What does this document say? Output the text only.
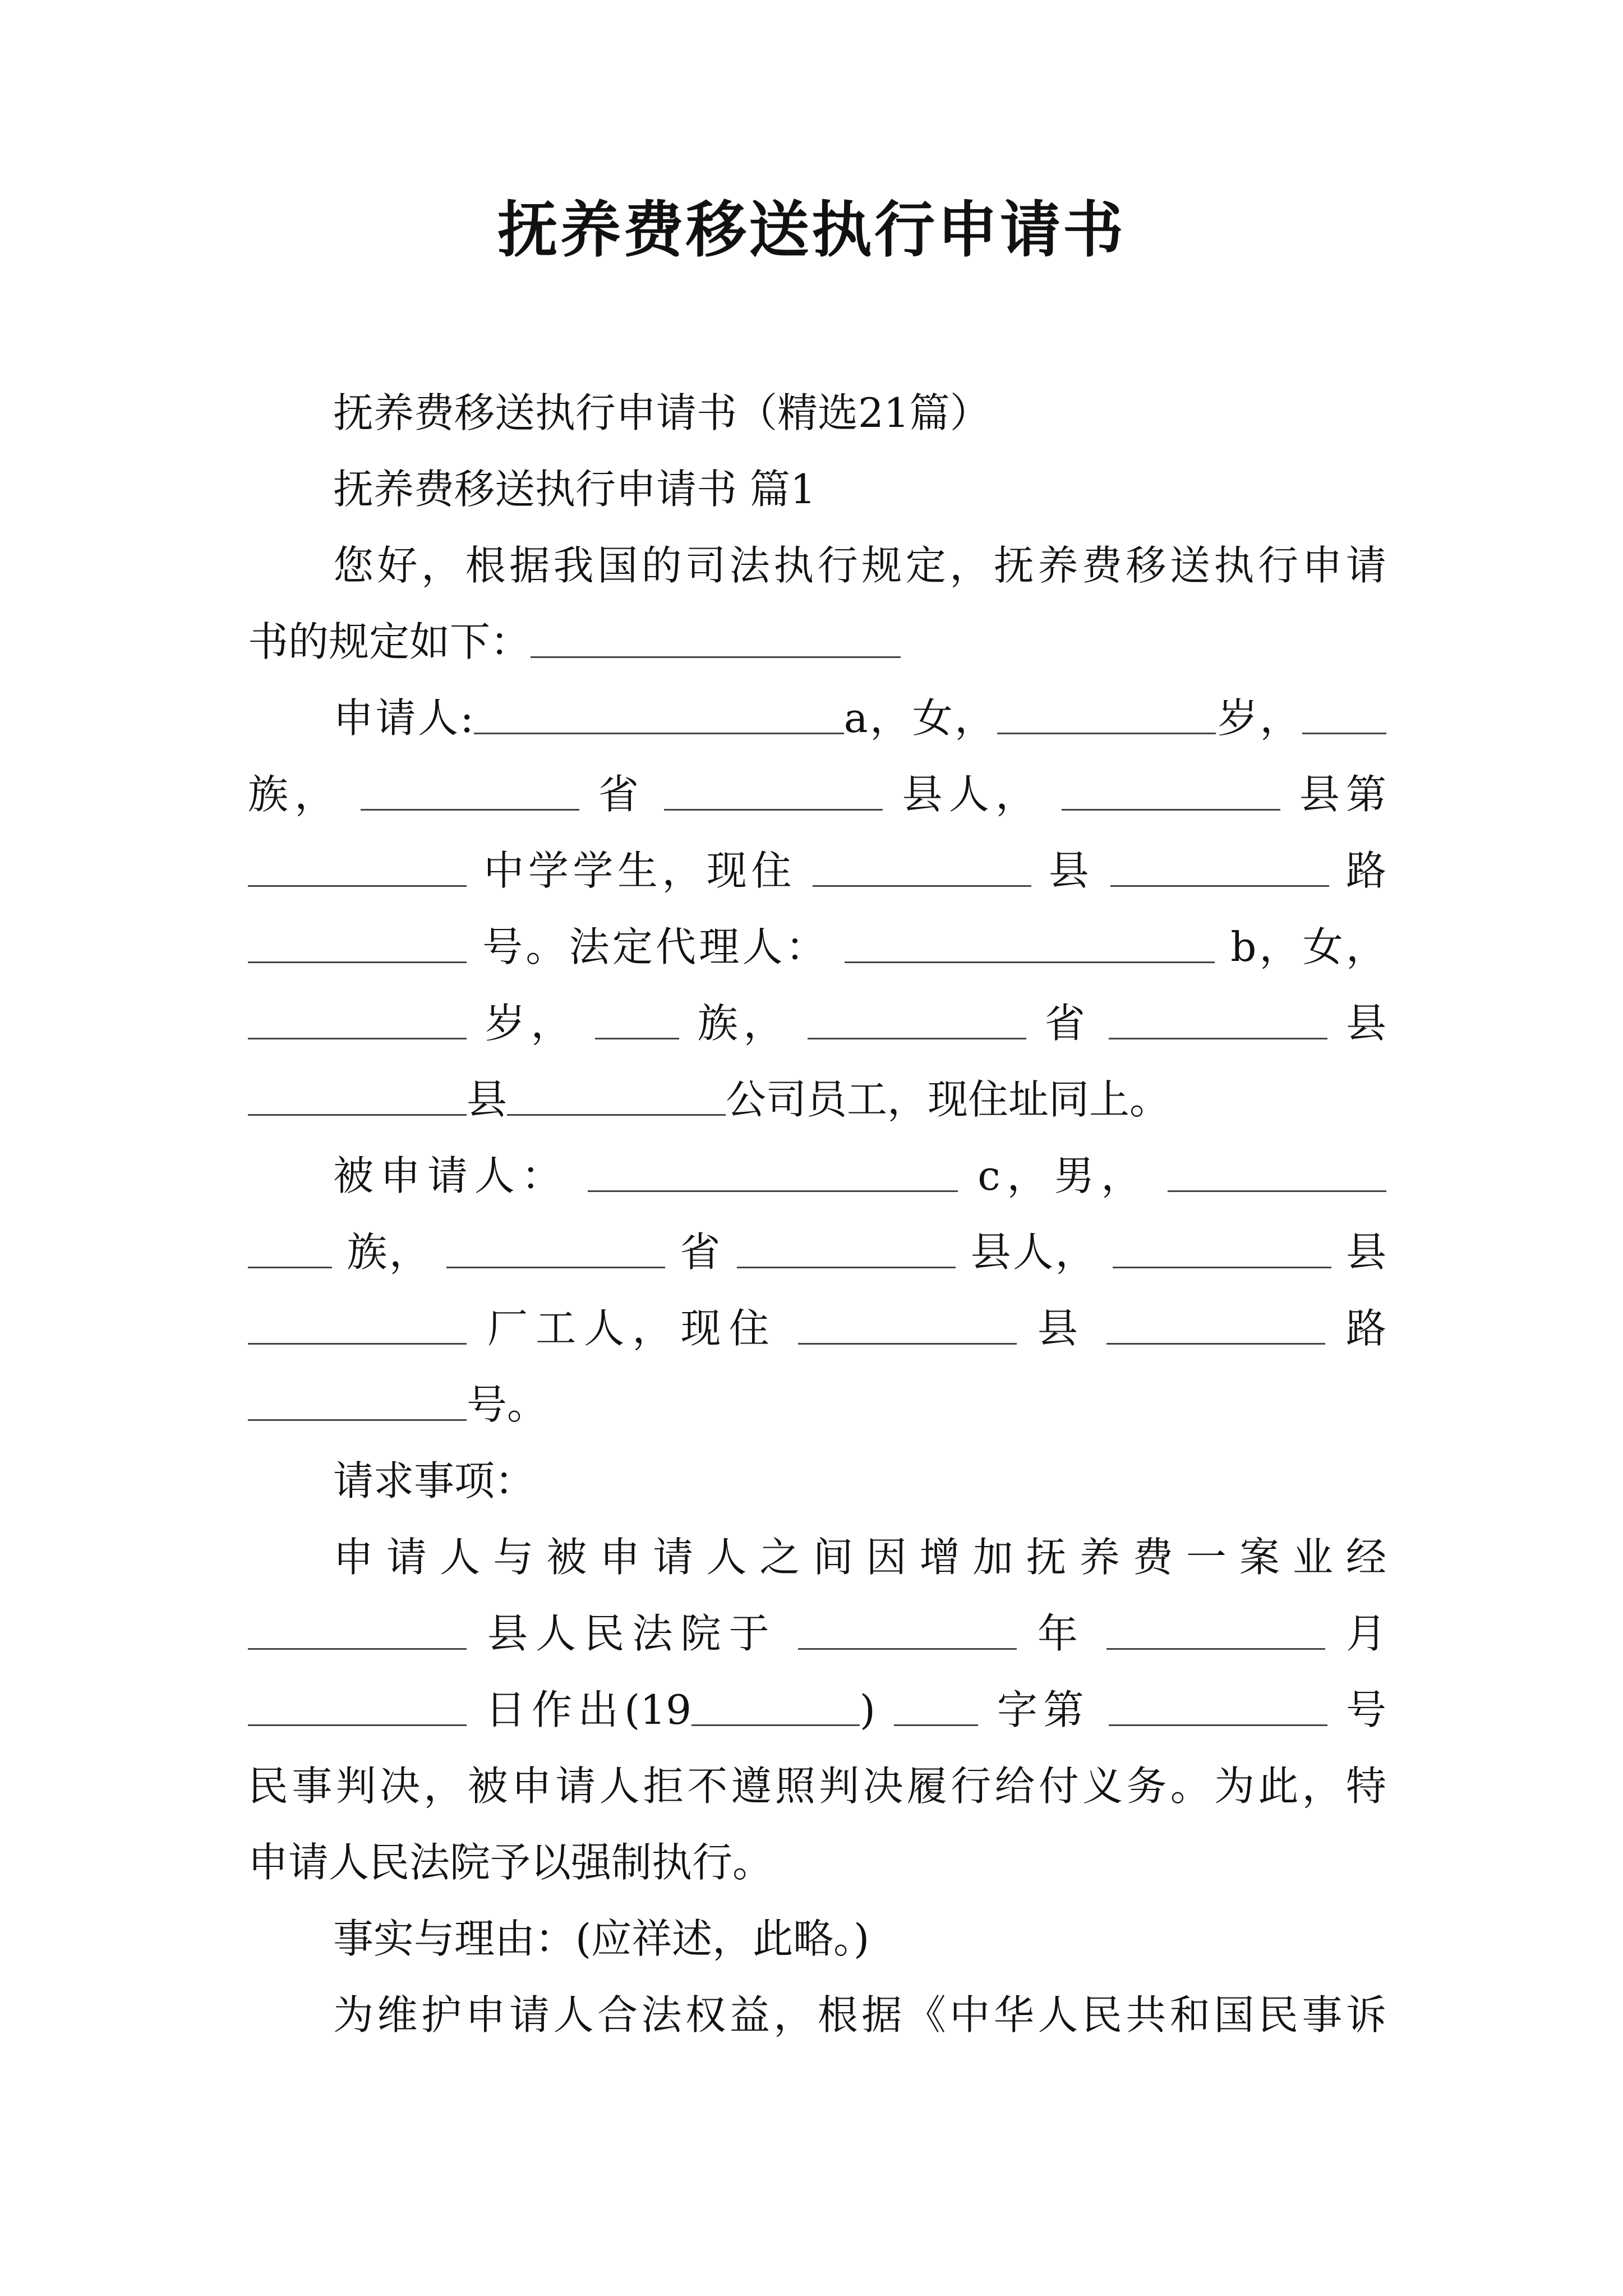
抚养费移送执行申请书
抚养费移送执行申请书（精选21篇）
抚养费移送执行申请书 篇1
您好，根据我国的司法执行规定，抚养费移送执行申请
书的规定如下：
申请人:	a，女，	岁，
族，	省	县人，	县第
中学学生，现住	县	路
号。法定代理人：	b，女，
岁，	族，	省	县
县	公司员工，现住址同上。
被申请人：	c，男，
族，	省	县人，	县
厂工人，现住	县	路
号。
请求事项：
申请人与被申请人之间因增加抚养费一案业经
县人民法院于	年	月
日作出(19	)	字第	号
民事判决，被申请人拒不遵照判决履行给付义务。为此，特
申请人民法院予以强制执行。
事实与理由：(应祥述，此略。)
为维护申请人合法权益，根据《中华人民共和国民事诉
